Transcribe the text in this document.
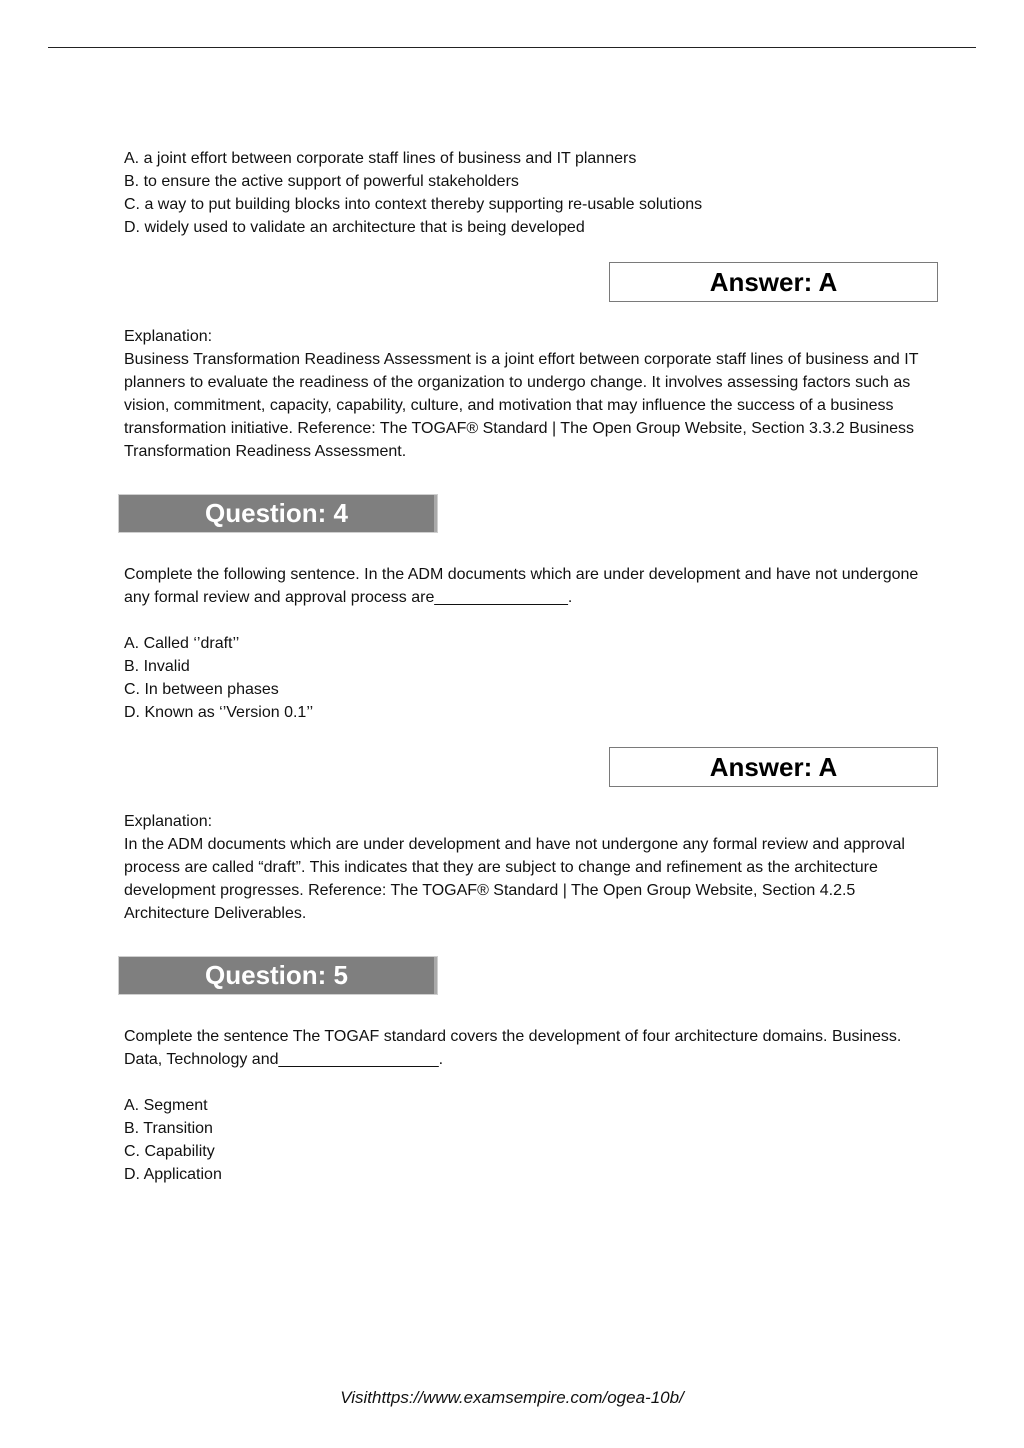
A. a joint effort between corporate staff lines of business and IT planners
B. to ensure the active support of powerful stakeholders
C. a way to put building blocks into context thereby supporting re-usable solutions
D. widely used to validate an architecture that is being developed
Answer: A
Explanation:
Business Transformation Readiness Assessment is a joint effort between corporate staff lines of business and IT planners to evaluate the readiness of the organization to undergo change. It involves assessing factors such as vision, commitment, capacity, capability, culture, and motivation that may influence the success of a business transformation initiative. Reference: The TOGAF® Standard | The Open Group Website, Section 3.3.2 Business Transformation Readiness Assessment.
Question: 4
Complete the following sentence. In the ADM documents which are under development and have not undergone any formal review and approval process are_______________.
A. Called ‘’draft’’
B. Invalid
C. In between phases
D. Known as ‘’Version 0.1’’
Answer: A
Explanation:
In the ADM documents which are under development and have not undergone any formal review and approval process are called “draft”. This indicates that they are subject to change and refinement as the architecture development progresses. Reference: The TOGAF® Standard | The Open Group Website, Section 4.2.5 Architecture Deliverables.
Question: 5
Complete the sentence The TOGAF standard covers the development of four architecture domains. Business. Data, Technology and__________________.
A. Segment
B. Transition
C. Capability
D. Application
Visithttps://www.examsempire.com/ogea-10b/
